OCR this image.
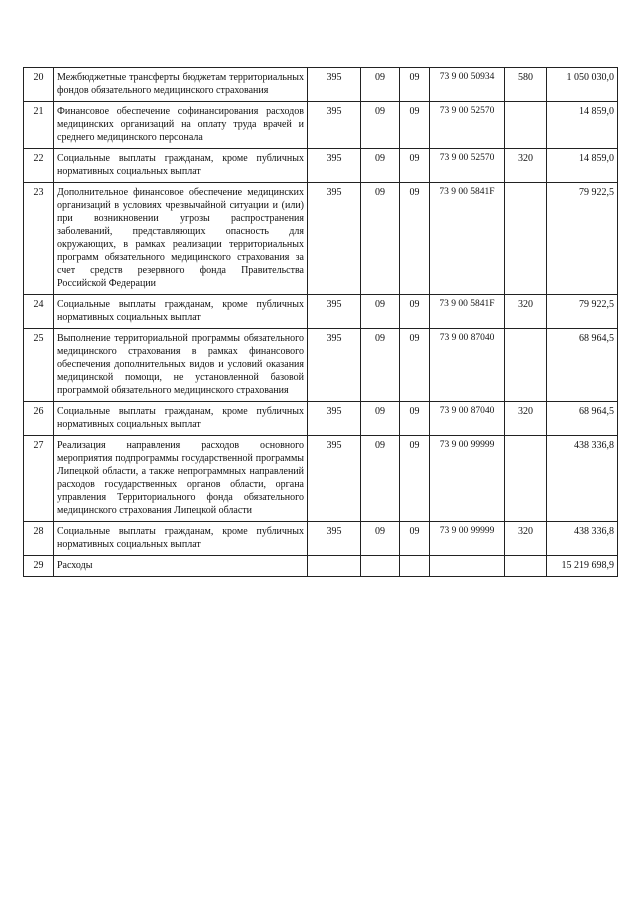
20	Межбюджетные трансферты бюджетам территориальных фондов обязательного медицинского страхования	395	09	09	73 9 00 50934	580	1 050 030,0
21	Финансовое обеспечение софинансирования расходов медицинских организаций на оплату труда врачей и среднего медицинского персонала	395	09	09	73 9 00 52570		14 859,0
22	Социальные выплаты гражданам, кроме публичных нормативных социальных выплат	395	09	09	73 9 00 52570	320	14 859,0
23	Дополнительное финансовое обеспечение медицинских организаций в условиях чрезвычайной ситуации и (или) при возникновении угрозы распространения заболеваний, представляющих опасность для окружающих, в рамках реализации территориальных программ обязательного медицинского страхования за счет средств резервного фонда Правительства Российской Федерации	395	09	09	73 9 00 5841F		79 922,5
24	Социальные выплаты гражданам, кроме публичных нормативных социальных выплат	395	09	09	73 9 00 5841F	320	79 922,5
25	Выполнение территориальной программы обязательного медицинского страхования в рамках финансового обеспечения дополнительных видов и условий оказания медицинской помощи, не установленной базовой программой обязательного медицинского страхования	395	09	09	73 9 00 87040		68 964,5
26	Социальные выплаты гражданам, кроме публичных нормативных социальных выплат	395	09	09	73 9 00 87040	320	68 964,5
27	Реализация направления расходов основного мероприятия подпрограммы государственной программы Липецкой области, а также непрограммных направлений расходов государственных органов области, органа управления Территориального фонда обязательного медицинского страхования Липецкой области	395	09	09	73 9 00 99999		438 336,8
28	Социальные выплаты гражданам, кроме публичных нормативных социальных выплат	395	09	09	73 9 00 99999	320	438 336,8
29	Расходы						15 219 698,9
